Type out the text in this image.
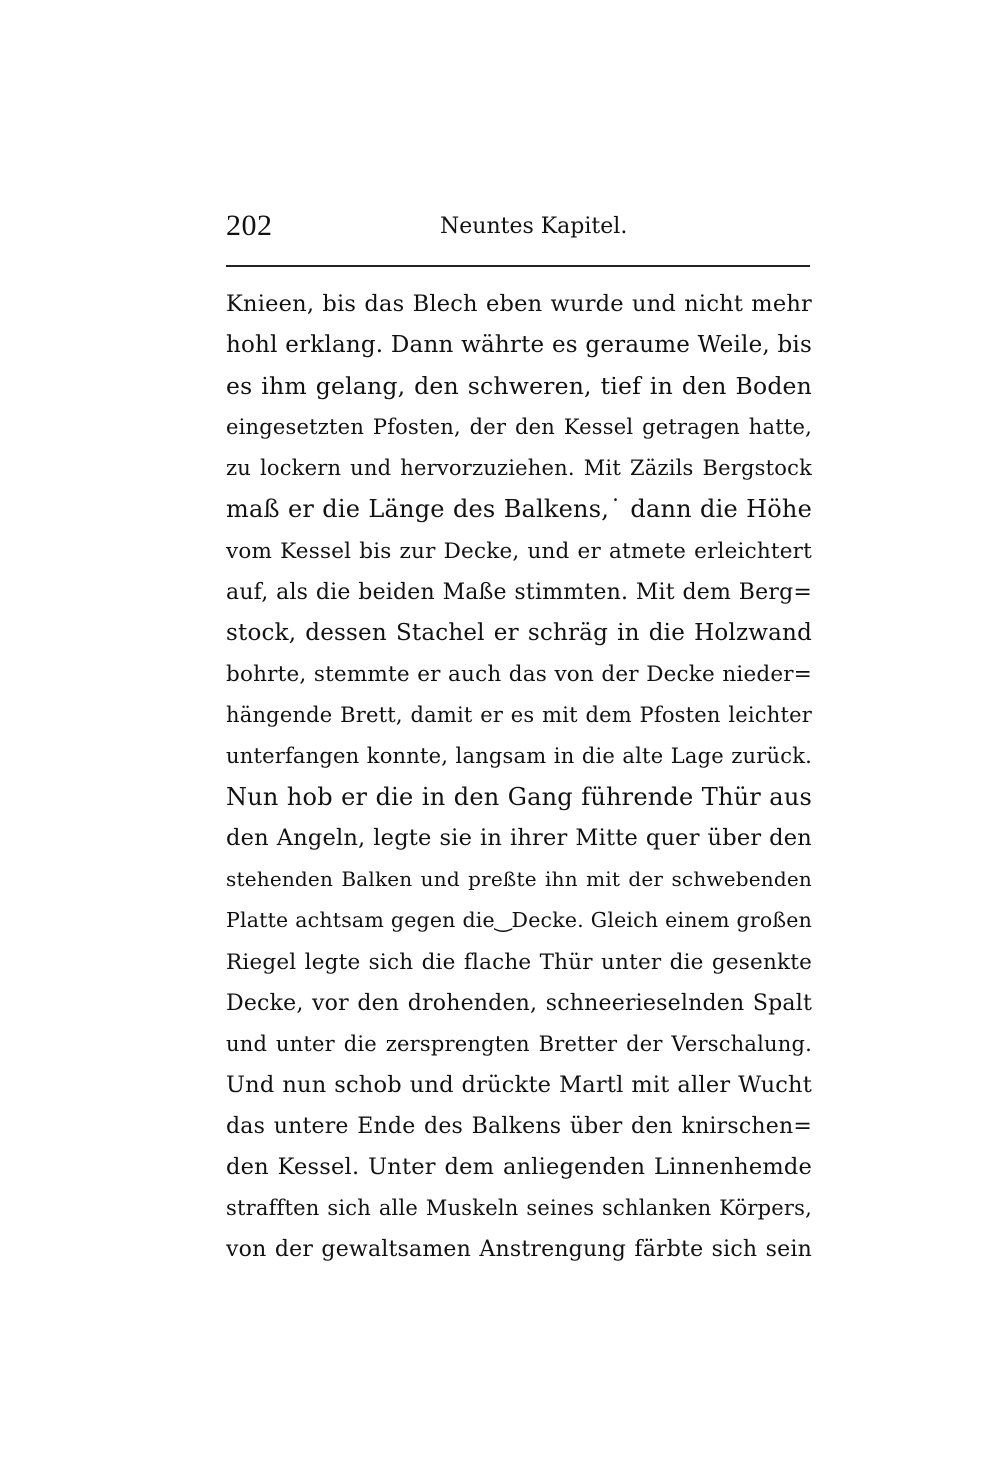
202	Neuntes Kapitel.
Knieen, bis das Blech eben wurde und nicht mehr
hohl erklang. Dann währte es geraume Weile, bis
es ihm gelang, den schweren, tief in den Boden
eingesetzten Pfosten, der den Kessel getragen hatte,
zu lockern und hervorzuziehen. Mit Zäzils Bergstock
maß er die Länge des Balkens,˙ dann die Höhe
vom Kessel bis zur Decke, und er atmete erleichtert
auf, als die beiden Maße stimmten. Mit dem Berg=
stock, dessen Stachel er schräg in die Holzwand
bohrte, stemmte er auch das von der Decke nieder=
hängende Brett, damit er es mit dem Pfosten leichter
unterfangen konnte, langsam in die alte Lage zurück.
Nun hob er die in den Gang führende Thür aus
den Angeln, legte sie in ihrer Mitte quer über den
stehenden Balken und preßte ihn mit der schwebenden
Platte achtsam gegen die‿Decke. Gleich einem großen
Riegel legte sich die flache Thür unter die gesenkte
Decke, vor den drohenden, schneerieselnden Spalt
und unter die zersprengten Bretter der Verschalung.
Und nun schob und drückte Martl mit aller Wucht
das untere Ende des Balkens über den knirschen=
den Kessel. Unter dem anliegenden Linnenhemde
strafften sich alle Muskeln seines schlanken Körpers,
von der gewaltsamen Anstrengung färbte sich sein
